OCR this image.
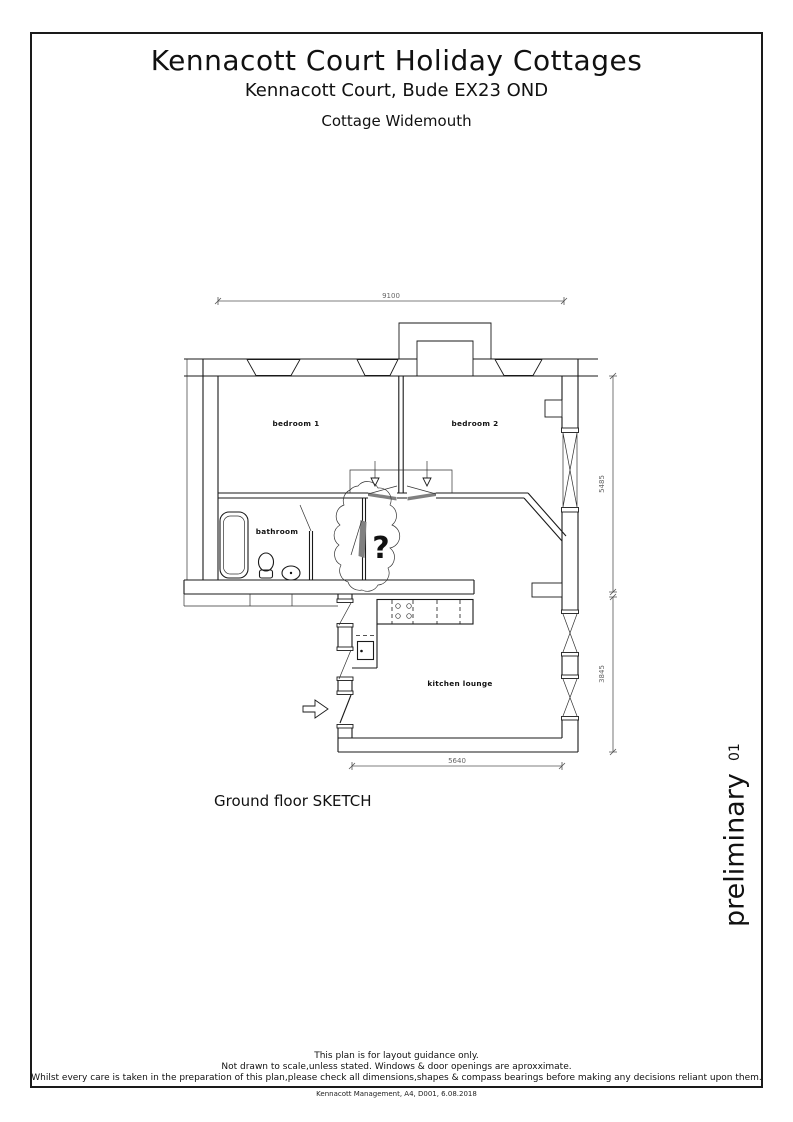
Kennacott Court Holiday Cottages
Kennacott Court, Bude EX23 OND
Cottage Widemouth
?
bedroom 1	bedroom 2
bathroom
kitchen lounge
9100
5485
3845
5640
Ground floor SKETCH	preliminary
01
This plan is for layout guidance only.
Not drawn to scale,unless stated. Windows & door openings are aproxximate.
Whilst every care is taken in the preparation of this plan,please check all dimensions,shapes & compass bearings before making any decisions reliant upon them.
Kennacott Management, A4, D001, 6.08.2018
